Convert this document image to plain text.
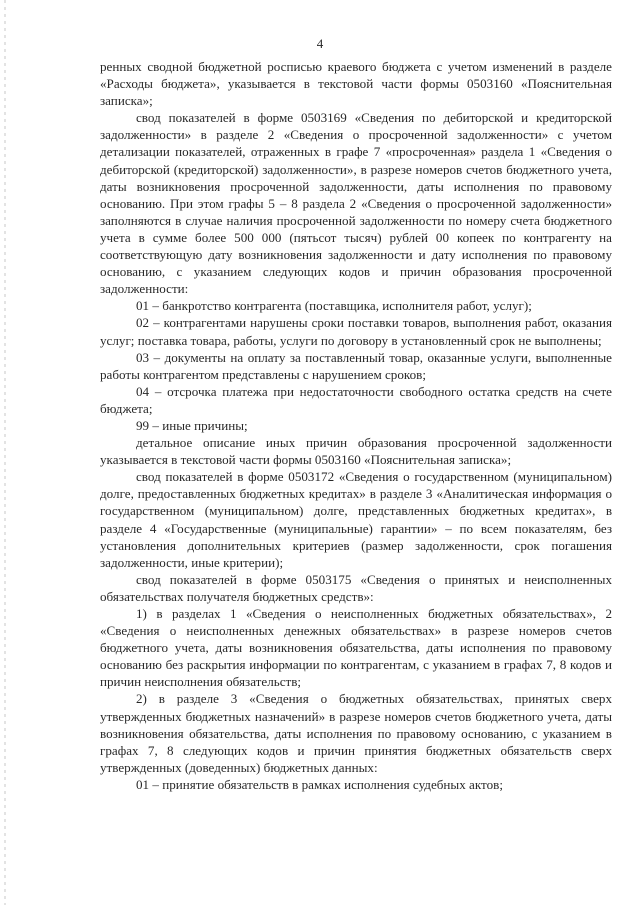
4

ренных сводной бюджетной росписью краевого бюджета с учетом изменений в разделе «Расходы бюджета», указывается в текстовой части формы 0503160 «Пояснительная записка»;

свод показателей в форме 0503169 «Сведения по дебиторской и кредиторской задолженности» в разделе 2 «Сведения о просроченной задолженности» с учетом детализации показателей, отраженных в графе 7 «просроченная» раздела 1 «Сведения о дебиторской (кредиторской) задолженности», в разрезе номеров счетов бюджетного учета, даты возникновения просроченной задолженности, даты исполнения по правовому основанию. При этом графы 5 – 8 раздела 2 «Сведения о просроченной задолженности» заполняются в случае наличия просроченной задолженности по номеру счета бюджетного учета в сумме более 500 000 (пятьсот тысяч) рублей 00 копеек по контрагенту на соответствующую дату возникновения задолженности и дату исполнения по правовому основанию, с указанием следующих кодов и причин образования просроченной задолженности:

01 – банкротство контрагента (поставщика, исполнителя работ, услуг);

02 – контрагентами нарушены сроки поставки товаров, выполнения работ, оказания услуг; поставка товара, работы, услуги по договору в установленный срок не выполнены;

03 – документы на оплату за поставленный товар, оказанные услуги, выполненные работы контрагентом представлены с нарушением сроков;

04 – отсрочка платежа при недостаточности свободного остатка средств на счете бюджета;

99 – иные причины;

детальное описание иных причин образования просроченной задолженности указывается в текстовой части формы 0503160 «Пояснительная записка»;

свод показателей в форме 0503172 «Сведения о государственном (муниципальном) долге, предоставленных бюджетных кредитах» в разделе 3 «Аналитическая информация о государственном (муниципальном) долге, представленных бюджетных кредитах», в разделе 4 «Государственные (муниципальные) гарантии» – по всем показателям, без установления дополнительных критериев (размер задолженности, срок погашения задолженности, иные критерии);

свод показателей в форме 0503175 «Сведения о принятых и неисполненных обязательствах получателя бюджетных средств»:

1) в разделах 1 «Сведения о неисполненных бюджетных обязательствах», 2 «Сведения о неисполненных денежных обязательствах» в разрезе номеров счетов бюджетного учета, даты возникновения обязательства, даты исполнения по правовому основанию без раскрытия информации по контрагентам, с указанием в графах 7, 8 кодов и причин неисполнения обязательств;

2) в разделе 3 «Сведения о бюджетных обязательствах, принятых сверх утвержденных бюджетных назначений» в разрезе номеров счетов бюджетного учета, даты возникновения обязательства, даты исполнения по правовому основанию, с указанием в графах 7, 8 следующих кодов и причин принятия бюджетных обязательств сверх утвержденных (доведенных) бюджетных данных:

01 – принятие обязательств в рамках исполнения судебных актов;
